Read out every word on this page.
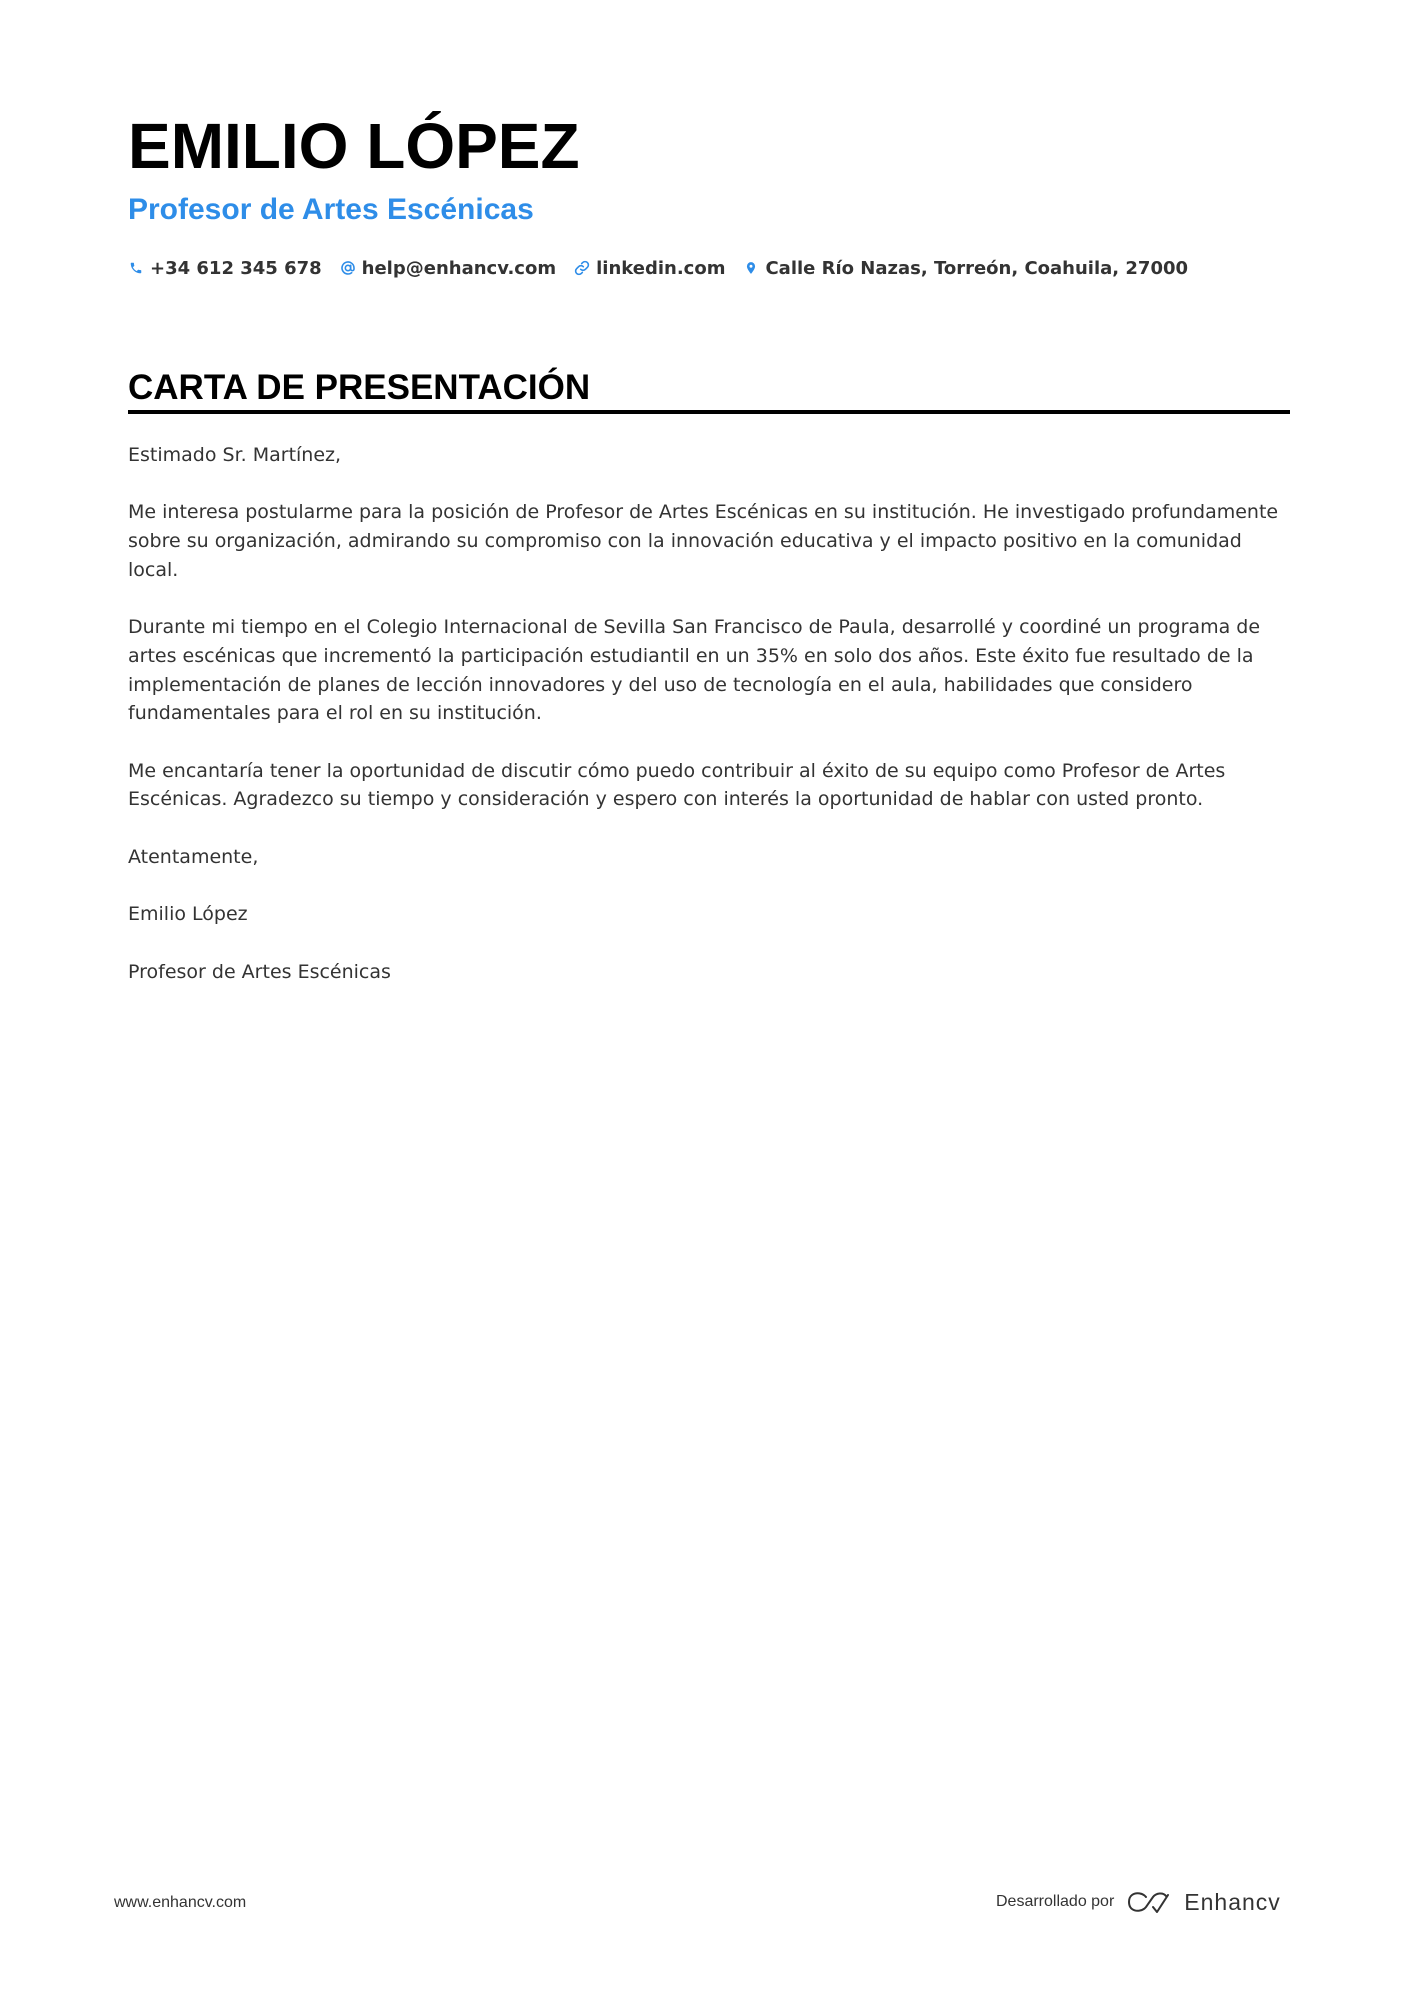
EMILIO LÓPEZ
Profesor de Artes Escénicas
+34 612 345 678 help@enhancv.com linkedin.com Calle Río Nazas, Torreón, Coahuila, 27000
CARTA DE PRESENTACIÓN

Estimado Sr. Martínez,

Me interesa postularme para la posición de Profesor de Artes Escénicas en su institución. He investigado profundamente sobre su organización, admirando su compromiso con la innovación educativa y el impacto positivo en la comunidad local.

Durante mi tiempo en el Colegio Internacional de Sevilla San Francisco de Paula, desarrollé y coordiné un programa de artes escénicas que incrementó la participación estudiantil en un 35% en solo dos años. Este éxito fue resultado de la implementación de planes de lección innovadores y del uso de tecnología en el aula, habilidades que considero fundamentales para el rol en su institución.

Me encantaría tener la oportunidad de discutir cómo puedo contribuir al éxito de su equipo como Profesor de Artes Escénicas. Agradezco su tiempo y consideración y espero con interés la oportunidad de hablar con usted pronto.

Atentamente,

Emilio López

Profesor de Artes Escénicas

www.enhancv.com	Desarrollado por	Enhancv
